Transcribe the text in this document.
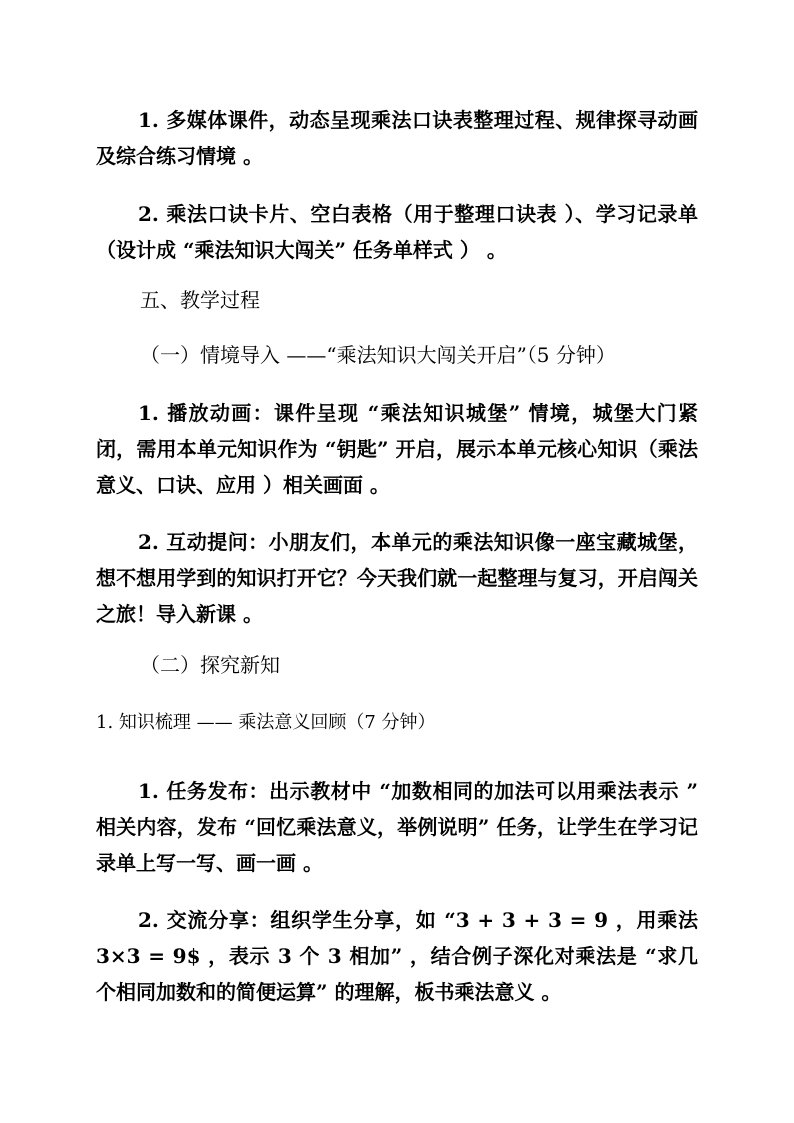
1. 多媒体课件，动态呈现乘法口诀表整理过程、规律探寻动画及综合练习情境 。

2. 乘法口诀卡片、空白表格（用于整理口诀表 ）、学习记录单（设计成 “乘法知识大闯关” 任务单样式 ） 。

五、教学过程
（一）情境导入 ——“乘法知识大闯关开启”（5 分钟）

1. 播放动画：课件呈现 “乘法知识城堡” 情境，城堡大门紧闭，需用本单元知识作为 “钥匙” 开启，展示本单元核心知识（乘法意义、口诀、应用 ）相关画面 。

2. 互动提问：小朋友们，本单元的乘法知识像一座宝藏城堡，想不想用学到的知识打开它？今天我们就一起整理与复习，开启闯关之旅！导入新课 。

（二）探究新知
1. 知识梳理 —— 乘法意义回顾（7 分钟）

1. 任务发布：出示教材中 “加数相同的加法可以用乘法表示 ” 相关内容，发布 “回忆乘法意义，举例说明” 任务，让学生在学习记录单上写一写、画一画 。

2. 交流分享：组织学生分享，如 “3 + 3 + 3 = 9 ，用乘法 3×3 = 9$ ，表示 3 个 3 相加” ，结合例子深化对乘法是 “求几个相同加数和的简便运算” 的理解，板书乘法意义 。
